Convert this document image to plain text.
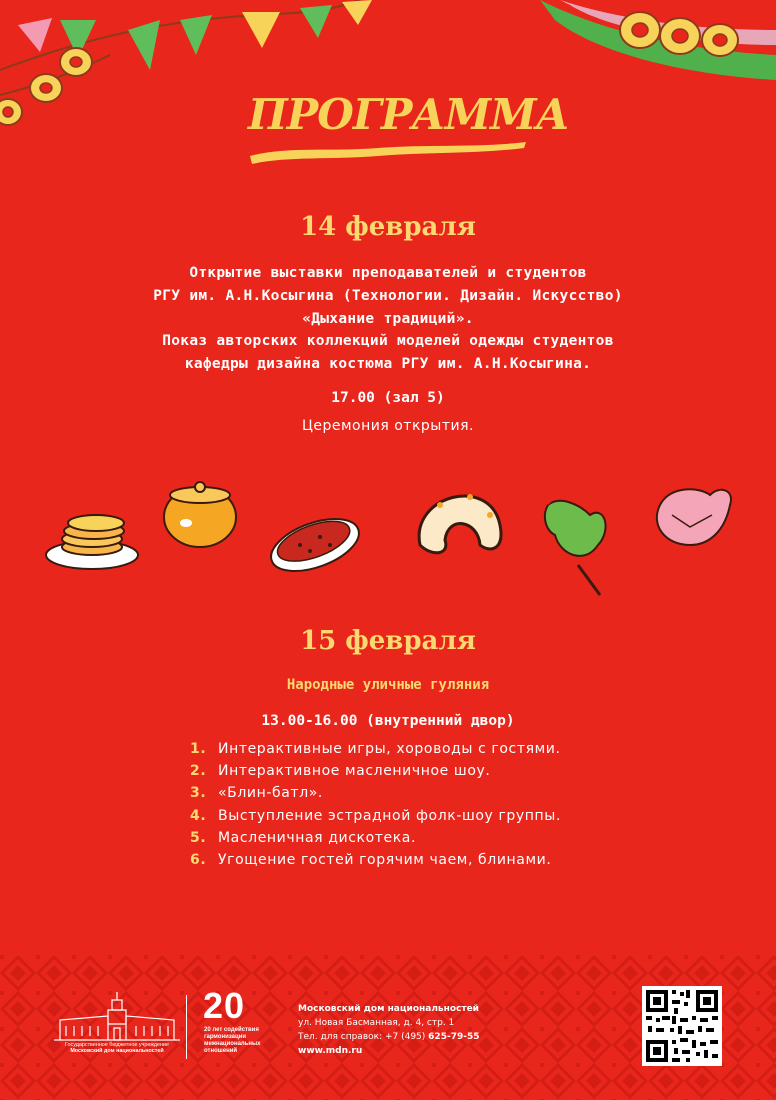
ПРОГРАММА
14 февраля
Открытие выставки преподавателей и студентов
РГУ им. А.Н.Косыгина (Технологии. Дизайн. Искусство)
«Дыхание традиций».
Показ авторских коллекций моделей одежды студентов
кафедры дизайна костюма РГУ им. А.Н.Косыгина.
17.00 (зал 5)
Церемония открытия.
15 февраля
Народные уличные гуляния
13.00-16.00 (внутренний двор)
1. Интерактивные игры, хороводы с гостями.
2. Интерактивное масленичное шоу.
3. «Блин-батл».
4. Выступление эстрадной фолк-шоу группы.
5. Масленичная дискотека.
6. Угощение гостей горячим чаем, блинами.
Государственное бюджетное учреждение
Московский дом национальностей
20
20 лет содействия гармонизации межнациональных отношений
Московский дом национальностей
ул. Новая Басманная, д. 4, стр. 1
Тел. для справок: +7 (495) 625-79-55
www.mdn.ru
